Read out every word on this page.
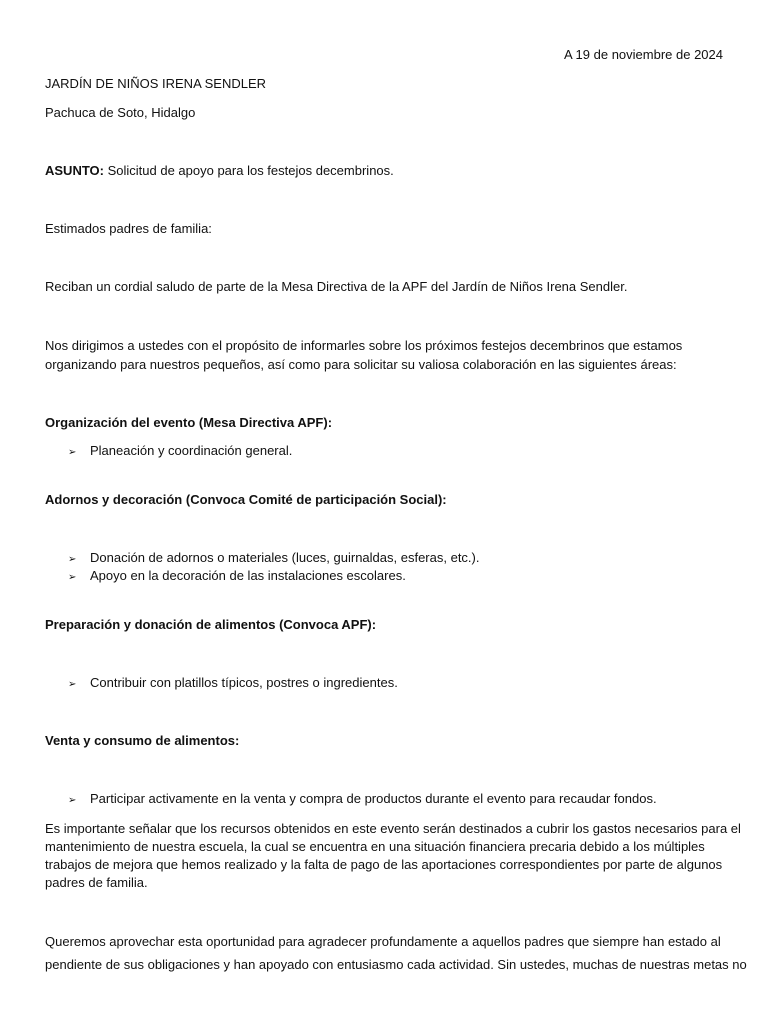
A 19 de noviembre de 2024

JARDÍN DE NIÑOS IRENA SENDLER

Pachuca de Soto, Hidalgo

ASUNTO: Solicitud de apoyo para los festejos decembrinos.

Estimados padres de familia:

Reciban un cordial saludo de parte de la Mesa Directiva de la APF del Jardín de Niños Irena Sendler.

Nos dirigimos a ustedes con el propósito de informarles sobre los próximos festejos decembrinos que estamos

organizando para nuestros pequeños, así como para solicitar su valiosa colaboración en las siguientes áreas:

Organización del evento (Mesa Directiva APF):

➢ Planeación y coordinación general.

Adornos y decoración (Convoca Comité de participación Social):

➢ Donación de adornos o materiales (luces, guirnaldas, esferas, etc.).

➢ Apoyo en la decoración de las instalaciones escolares.

Preparación y donación de alimentos (Convoca APF):

➢ Contribuir con platillos típicos, postres o ingredientes.

Venta y consumo de alimentos:

➢ Participar activamente en la venta y compra de productos durante el evento para recaudar fondos.

Es importante señalar que los recursos obtenidos en este evento serán destinados a cubrir los gastos necesarios para el

mantenimiento de nuestra escuela, la cual se encuentra en una situación financiera precaria debido a los múltiples

trabajos de mejora que hemos realizado y la falta de pago de las aportaciones correspondientes por parte de algunos

padres de familia.

Queremos aprovechar esta oportunidad para agradecer profundamente a aquellos padres que siempre han estado al

pendiente de sus obligaciones y han apoyado con entusiasmo cada actividad. Sin ustedes, muchas de nuestras metas no
